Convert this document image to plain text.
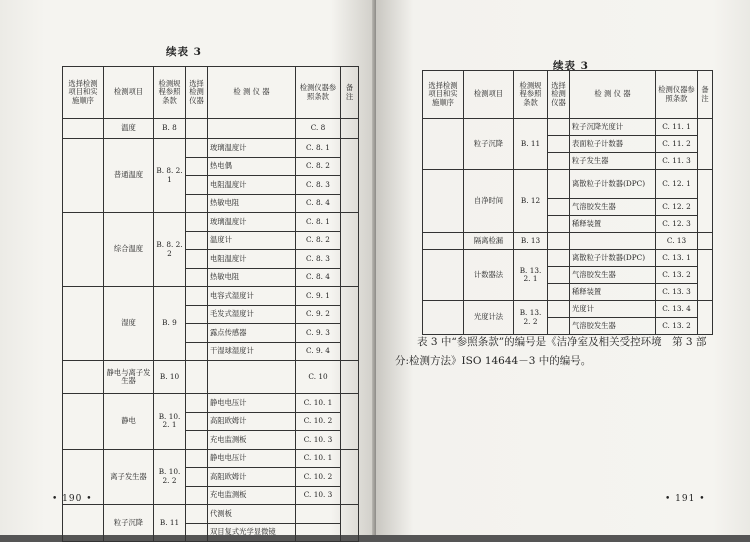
续表 3
选择检测项目和实施顺序	检测项目	检测规程参照条款	选择检测仪器	检 测 仪 器	检测仪器参照条款	备注
	温度	B. 8			C. 8	
	普通温度	B. 8. 2. 1		玻璃温度计	C. 8. 1	
				热电偶	C. 8. 2	
				电阻温度计	C. 8. 3	
				热敏电阻	C. 8. 4	
	综合温度	B. 8. 2. 2		玻璃温度计	C. 8. 1	
				温度计	C. 8. 2	
				电阻温度计	C. 8. 3	
				热敏电阻	C. 8. 4	
	湿度	B. 9		电容式湿度计	C. 9. 1	
				毛发式湿度计	C. 9. 2	
				露点传感器	C. 9. 3	
				干湿球湿度计	C. 9. 4	
	静电与离子发生器	B. 10			C. 10	
	静电	B. 10. 2. 1		静电电压计	C. 10. 1	
				高阻欧姆计	C. 10. 2	
				充电监测板	C. 10. 3	
	离子发生器	B. 10. 2. 2		静电电压计	C. 10. 1	
				高阻欧姆计	C. 10. 2	
				充电监测板	C. 10. 3	
	粒子沉降	B. 11		代测板		
				双目复式光学显微镜		
• 190 •
续表 3
选择检测项目和实施顺序	检测项目	检测规程参照条款	选择检测仪器	检 测 仪 器	检测仪器参照条款	备注
	粒子沉降	B. 11		粒子沉降光度计	C. 11. 1	
				表面粒子计数器	C. 11. 2	
				粒子发生器	C. 11. 3	
	自净时间	B. 12		离散粒子计数器(DPC)	C. 12. 1	
				气溶胶发生器	C. 12. 2	
				稀释装置	C. 12. 3	
	隔离检漏	B. 13			C. 13	
	计数器法	B. 13. 2. 1		离散粒子计数器(DPC)	C. 13. 1	
				气溶胶发生器	C. 13. 2	
				稀释装置	C. 13. 3	
	光度计法	B. 13. 2. 2		光度计	C. 13. 4	
				气溶胶发生器	C. 13. 2	
表 3 中“参照条款”的编号是《洁净室及相关受控环境　第 3 部分:检测方法》ISO 14644－3 中的编号。
• 191 •
